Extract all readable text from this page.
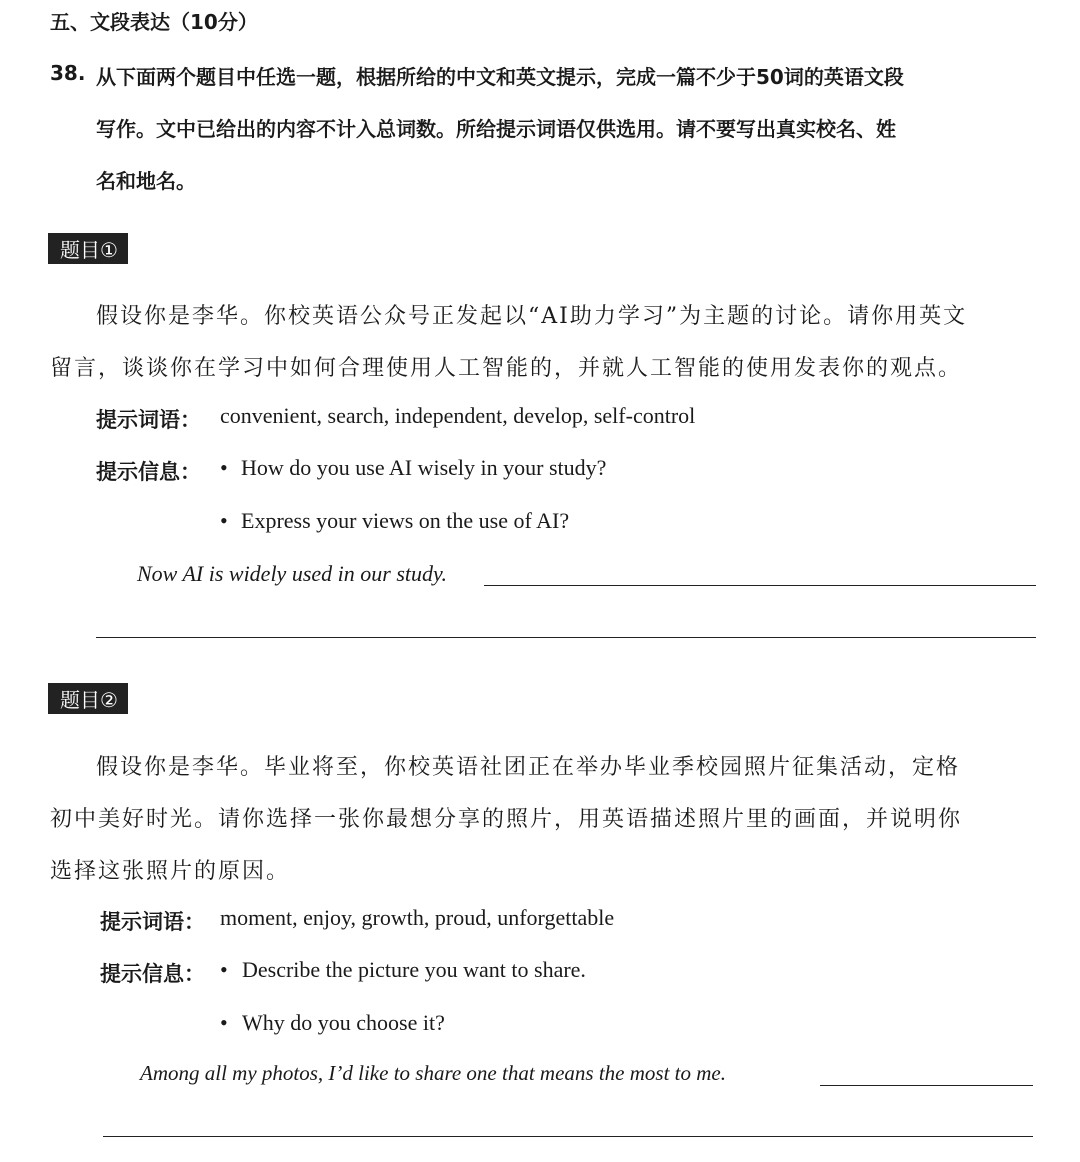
五、文段表达（10分）
38. 从下面两个题目中任选一题，根据所给的中文和英文提示，完成一篇不少于50词的英语文段
写作。文中已给出的内容不计入总词数。所给提示词语仅供选用。请不要写出真实校名、姓
名和地名。
题目①
假设你是李华。你校英语公众号正发起以“AI助力学习”为主题的讨论。请你用英文
留言，谈谈你在学习中如何合理使用人工智能的，并就人工智能的使用发表你的观点。
提示词语： convenient, search, independent, develop, self-control
提示信息： • How do you use AI wisely in your study?
• Express your views on the use of AI?
Now AI is widely used in our study.
题目②
假设你是李华。毕业将至，你校英语社团正在举办毕业季校园照片征集活动，定格
初中美好时光。请你选择一张你最想分享的照片，用英语描述照片里的画面，并说明你
选择这张照片的原因。
提示词语： moment, enjoy, growth, proud, unforgettable
提示信息： • Describe the picture you want to share.
• Why do you choose it?
Among all my photos, I’d like to share one that means the most to me.
